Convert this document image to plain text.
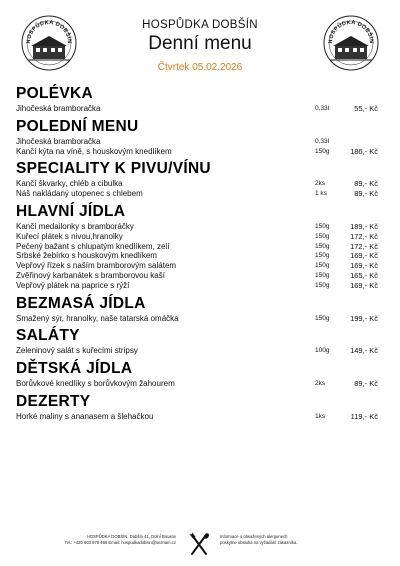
HOSPŮDKA DOBŠÍN	HOSPŮDKA DOBŠÍN
HOSPŮDKA DOBŠÍN
Denní menu
Čtvrtek 05.02.2026
POLÉVKA
Jihočeská bramboračka	0,33l	55,- Kč
POLEDNÍ MENU
Jihočeská bramboračka	0,33l
Kančí kýta na víně, s houskovým knedlíkem	150g	186,- Kč
SPECIALITY K PIVU/VÍNU
Kančí škvarky, chléb a cibulka	2ks	89,- Kč
Náš nakládaný utopenec s chlebem	1 ks	89,- Kč
HLAVNÍ JÍDLA
Kančí medailonky s bramboráčky	150g	189,- Kč
Kuřecí plátek s nivou,hranolky	150g	172,- Kč
Pečený bažant s chlupatým knedlíkem, zelí	150g	172,- Kč
Srbské žebírko s houskovým knedlíkem	150g	169,- Kč
Vepřový řízek s naším bramborovým salátem	150g	169,- Kč
Zvěřinový karbanátek s bramborovou kaší	150g	165,- Kč
Vepřový plátek na paprice s rýží	150g	169,- Kč
BEZMASÁ JÍDLA
Smažený sýr, hranolky, naše tatarská omáčka	150g	199,- Kč
SALÁTY
Zeleninový salát s kuřecími stripsy	100g	149,- Kč
DĚTSKÁ JÍDLA
Borůvkové knedlíky s borůvkovým žahourem	2ks	89,- Kč
DEZERTY
Horké maliny s ananasem a šlehačkou	1ks	119,- Kč
HOSPŮDKA DOBŠÍN, Dobšín 41, Dolní Bousov
Tel.: +420 603 878 468 Email: hospudkadobsin@seznam.cz
Informace o obsažených alergenech
poskytne obsluha na vyžádání zákazníka.
